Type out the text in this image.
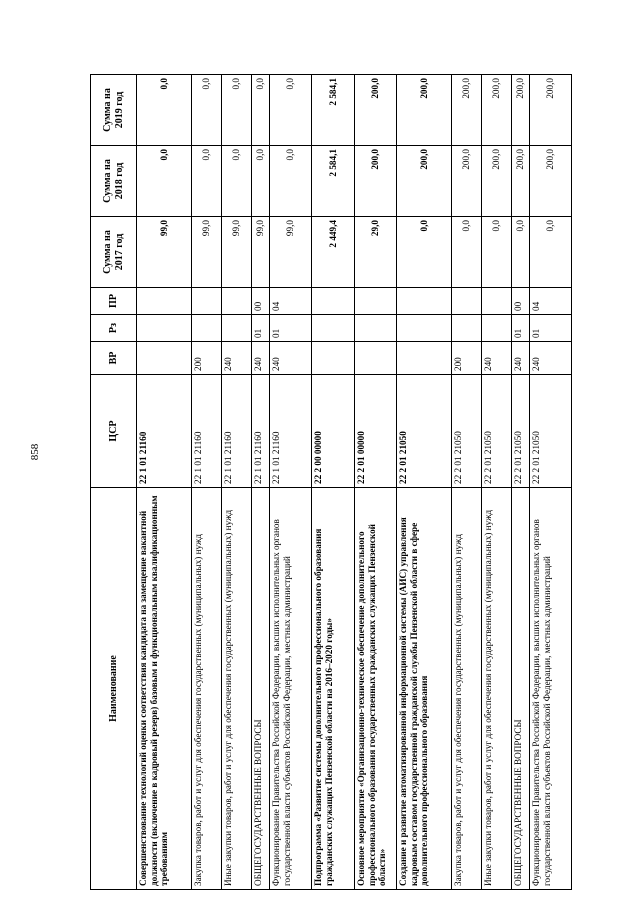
858
Наименование	ЦСР	ВР	Рз	ПР	Сумма на 2017 год	Сумма на 2018 год	Сумма на 2019 год
Совершенствование технологий оценки соответствия кандидата на замещение вакантной должности (включение в кадровый резерв) базовым и функциональным квалификационным требованиям	22 1 01 21160				99,0	0,0	0,0
Закупка товаров, работ и услуг для обеспечения государственных (муниципальных) нужд	22 1 01 21160	200			99,0	0,0	0,0
Иные закупки товаров, работ и услуг для обеспечения государственных (муниципальных) нужд	22 1 01 21160	240			99,0	0,0	0,0
ОБЩЕГОСУДАРСТВЕННЫЕ ВОПРОСЫ	22 1 01 21160	240	01	00	99,0	0,0	0,0
Функционирование Правительства Российской Федерации, высших исполнительных органов государственной власти субъектов Российской Федерации, местных администраций	22 1 01 21160	240	01	04	99,0	0,0	0,0
Подпрограмма «Развитие системы дополнительного профессионального образования гражданских служащих Пензенской области на 2016–2020 годы»	22 2 00 00000				2 449,4	2 584,1	2 584,1
Основное мероприятие «Организационно-техническое обеспечение дополнительного профессионального образования государственных гражданских служащих Пензенской области»	22 2 01 00000				29,0	200,0	200,0
Создание и развитие автоматизированной информационной системы (АИС) управления кадровым составом государственной гражданской службы Пензенской области в сфере дополнительного профессионального образования	22 2 01 21050				0,0	200,0	200,0
Закупка товаров, работ и услуг для обеспечения государственных (муниципальных) нужд	22 2 01 21050	200			0,0	200,0	200,0
Иные закупки товаров, работ и услуг для обеспечения государственных (муниципальных) нужд	22 2 01 21050	240			0,0	200,0	200,0
ОБЩЕГОСУДАРСТВЕННЫЕ ВОПРОСЫ	22 2 01 21050	240	01	00	0,0	200,0	200,0
Функционирование Правительства Российской Федерации, высших исполнительных органов государственной власти субъектов Российской Федерации, местных администраций	22 2 01 21050	240	01	04	0,0	200,0	200,0
